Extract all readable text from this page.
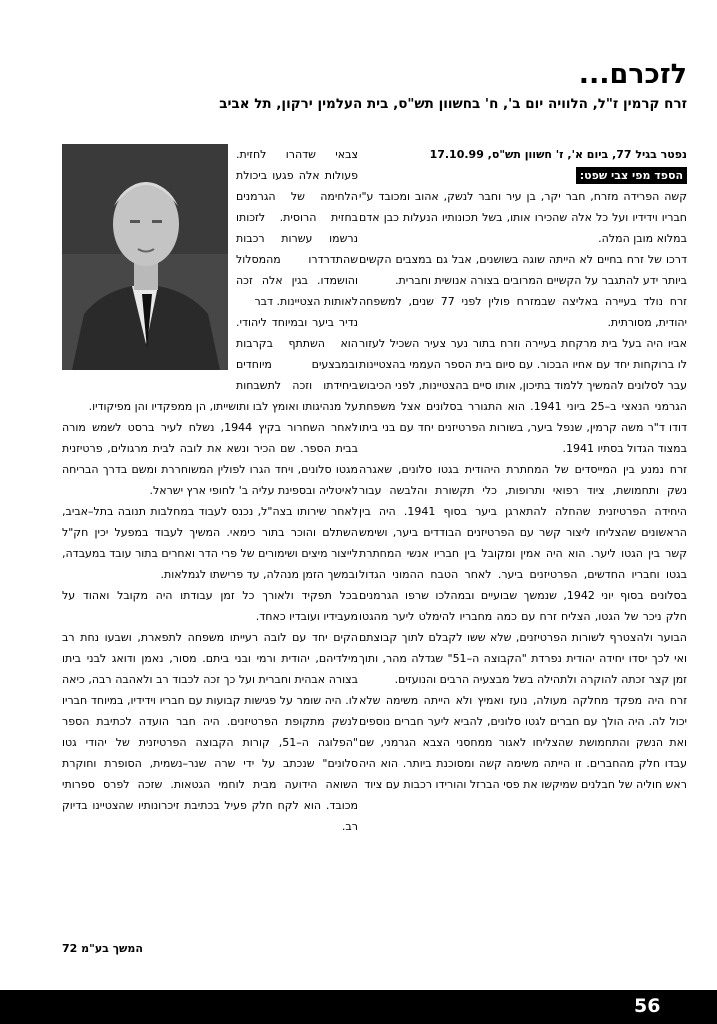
לזכרם...
זרח קרמין ז"ל, הלוויה יום ב', ח' בחשוון תש"ס, בית העלמין ירקון, תל אביב

נפטר בגיל 77, ביום א', ז' חשוון תש"ס, 17.10.99

הספד מפי צבי שפט:

קשה הפרידה מזרח, חבר יקר, בן עיר וחבר לנשק, אהוב ומכובד ע"י חבריו וידידיו ועל כל אלה שהכירו אותו, בשל תכונותיו הנעלות כבן אדם במלוא מובן המלה.

דרכו של זרח בחיים לא הייתה שוגה בשושנים, אבל גם במצבים הקשים ביותר ידע להתגבר על הקשיים המרובים בצורה אנושית וחברית.

זרח נולד בעיירה באליצה שבמזרח פולין לפני 77 שנים, למשפחה יהודית, מסורתית.

אביו היה בעל בית מרקחת בעיירה וזרח בתור נער צעיר השכיל לעזור לו ברוקחות יחד עם אחיו הבכור. עם סיום בית הספר העממי בהצטיינות עבר לסלונים להמשיך ללמוד בתיכון, אותו סיים בהצטיינות, לפני הכיבוש הגרמני הנאצי ב–25 ביוני 1941. הוא התגורר בסלונים אצל משפחת דודו ד"ר משה קרמין, שנפל ביער, בשורות הפרטיזנים יחד עם בני ביתו במצוד הגדול בסתיו 1941.

זרח נמנע בין המייסדים של המחתרת היהודית בגטו סלונים, שאגרה נשק ותחמושת, ציוד רפואי ותרופות, כלי תקשורת והלבשה עבור היחידה הפרטיזנית שהחלה להתארגן ביער בסוף 1941. היה בין הראשונים שהצליחו ליצור קשר עם הפרטיזנים הבודדים ביער, ושימש קשר בין הגטו ליער. הוא היה אמין ומקובל בין חבריו אנשי המחתרת בגטו וחבריו החדשים, הפרטיזנים ביער. לאחר הטבח ההמוני הגדול בסלונים בסוף יוני 1942, שנמשך שבועיים ובמהלכו שרפו הגרמנים חלק ניכר של הגטו, הצליח זרח עם כמה מחבריו להימלט ליער מהגטו הבוער ולהצטרף לשורות הפרטיזנים, שלא ששו לקבלם לתוך קבוצתם ואי לכך יסדו יחידה יהודית נפרדת "הקבוצה ה–51" שגדלה מהר, ותוך זמן קצר זכתה להוקרה ולתהילה בשל מבצעיה הרבים והנועזים.

זרח היה מפקד מחלקה מעולה, נועז ואמיץ ולא הייתה משימה שלא יכול לה. היה הולך עם חברים לגטו סלונים, להביא ליער חברים נוספים ואת הנשק והתחמושת שהצליחו לאגור ממחסני הצבא הגרמני, שם עבדו חלק מהחברים. זו הייתה משימה קשה ומסוכנת ביותר. הוא היה ראש חוליה של חבלנים שמיקשו את פסי הברזל והורידו רכבות עם ציוד

צבאי שדהרו לחזית. פעולות אלה פגעו ביכולת הלחימה של הגרמנים בחזית הרוסית. לזכותו נרשמו עשרות רכבות שהתדרדרו מהמסלול והושמדו. בגין אלה זכה לאותות הצטיינות. דבר

נדיר ביער ובמיוחד ליהודי. הוא השתתף בקרבות ובמבצעים מיוחדים ביחידתו וזכה לתשבחות על מנהיגותו ואומץ לבו ותושייתו, הן ממפקדיו והן מפיקודיו.

לאחר השחרור בקיץ 1944, נשלח לעיר ברסט לשמש מורה בבית הספר. שם הכיר ונשא את לובה לבית מרגולים, פרטיזנית מגטו סלונים, ויחד הגרו לפולין המשוחררת ומשם בדרך הבריחה לאיטליה ובספינת עליה ב' לחופי ארץ ישראל.

לאחר שירותו בצה"ל, נכנס לעבוד במחלבות תנובה בתל–אביב, השתלם והוכר בתור כימאי. המשיך לעבוד במפעל יכין חק"ל לייצור מיצים ושימורים של פרי הדר ואחרים בתור עובד במעבדה, ובמשך הזמן מנהלה, עד פרישתו לגמלאות.

בכל תפקיד ולאורך כל זמן עבודתו היה מקובל ואהוד על מעבידיו ועובדיו כאחד.

הקים יחד עם לובה רעייתו משפחה לתפארת, ושבעו נחת רב מילדיהם, יהודית ורמי ובני ביתם. מסור, נאמן ודואג לבני ביתו בצורה אבהית וחברית ועל כך זכה לכבוד רב ולאהבה רבה, כיאה לו. היה שומר על פגישות קבועות עם חבריו וידידיו, במיוחד חבריו לנשק מתקופת הפרטיזנים. היה חבר הועדה לכתיבת הספר "הפלוגה ה–51, קורות הקבוצה הפרטיזנית של יהודי גטו סלונים" שנכתב על ידי שרה שנר–נשמית, הסופרת וחוקרת השואה הידועה מבית לוחמי הגטאות. שזכה לפרס ספרותי מכובד. הוא לקח חלק פעיל בכתיבת זיכרונותיו שהצטיינו בדיוק רב.

המשך בע"מ 72
56
